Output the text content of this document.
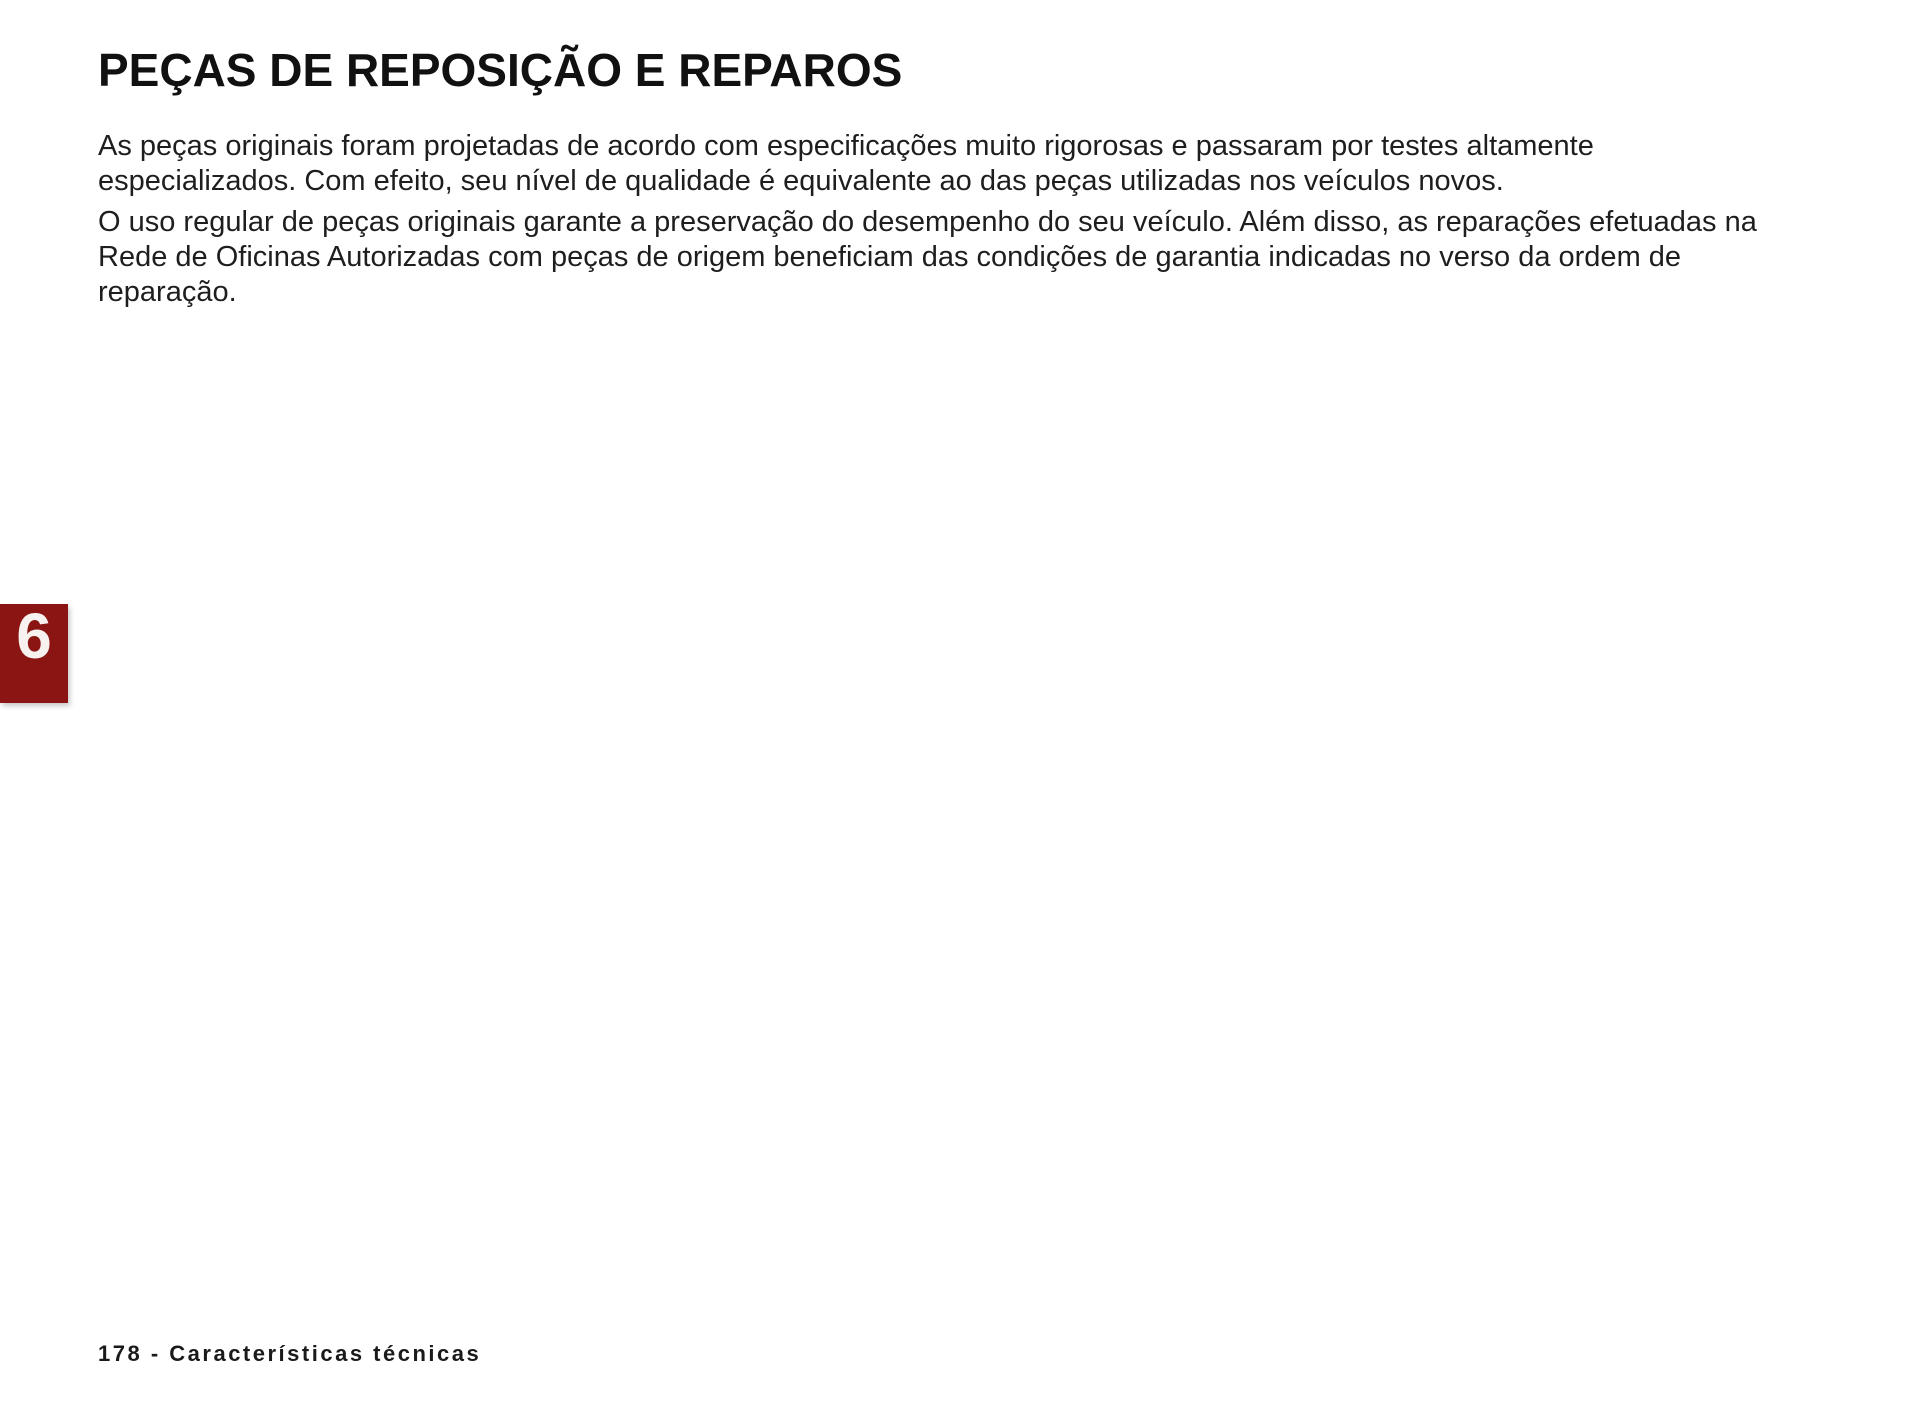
PEÇAS DE REPOSIÇÃO E REPAROS

As peças originais foram projetadas de acordo com especificações muito rigorosas e passaram por testes altamente especializados. Com efeito, seu nível de qualidade é equivalente ao das peças utilizadas nos veículos novos.

O uso regular de peças originais garante a preservação do desempenho do seu veículo. Além disso, as reparações efetuadas na Rede de Oficinas Autorizadas com peças de origem beneficiam das condições de garantia indicadas no verso da ordem de reparação.

6
178 - Características técnicas
